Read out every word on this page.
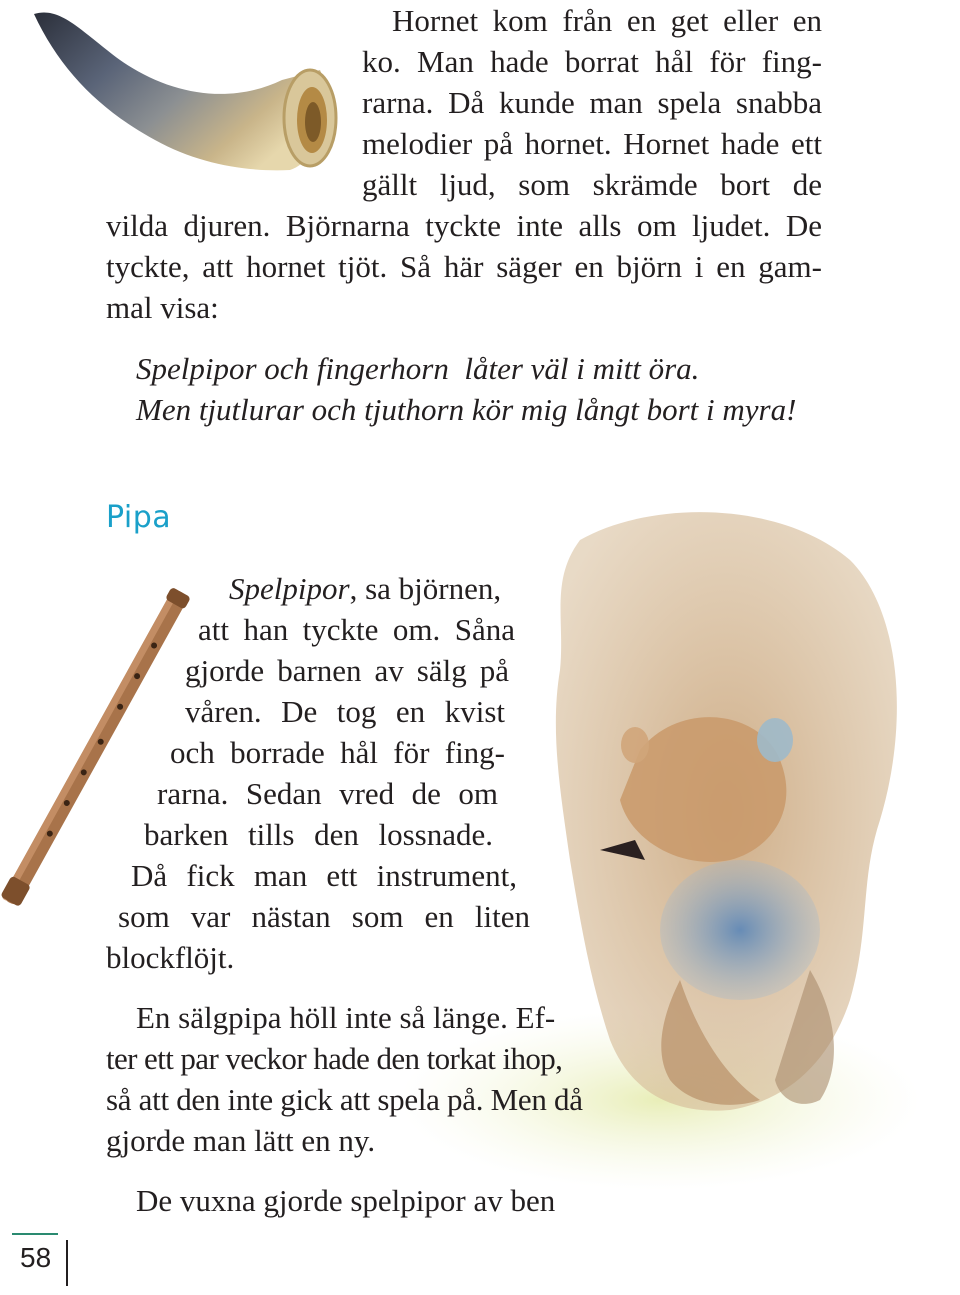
Hornet kom från en get eller en
ko. Man hade borrat hål för fing-
rarna. Då kunde man spela snabba
melodier på hornet. Hornet hade ett
gällt ljud, som skrämde bort de
vilda djuren. Björnarna tyckte inte alls om ljudet. De
tyckte, att hornet tjöt. Så här säger en björn i en gam-
mal visa:
Spelpipor och fingerhorn  låter väl i mitt öra.
Men tjutlurar och tjuthorn kör mig långt bort i myra!
Pipa
Spelpipor, sa björnen,
att han tyckte om. Såna
gjorde barnen av sälg på
våren. De tog en kvist
och borrade hål för fing-
rarna. Sedan vred de om
barken tills den lossnade.
Då fick man ett instrument,
som var nästan som en liten
blockflöjt.
En sälgpipa höll inte så länge. Ef-
ter ett par veckor hade den torkat ihop,
så att den inte gick att spela på. Men då
gjorde man lätt en ny.
De vuxna gjorde spelpipor av ben
58
